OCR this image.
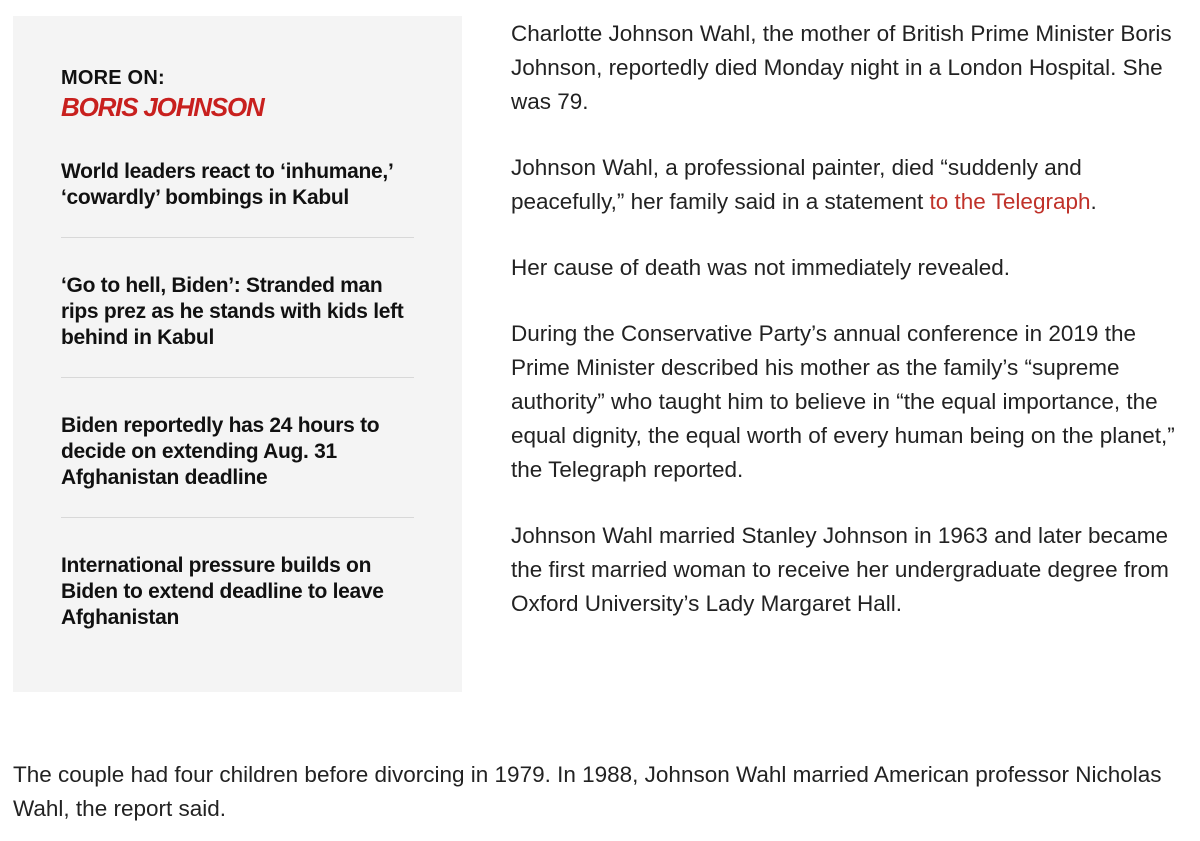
MORE ON:
BORIS JOHNSON
World leaders react to ‘inhumane,’ ‘cowardly’ bombings in Kabul
‘Go to hell, Biden’: Stranded man rips prez as he stands with kids left behind in Kabul
Biden reportedly has 24 hours to decide on extending Aug. 31 Afghanistan deadline
International pressure builds on Biden to extend deadline to leave Afghanistan

Charlotte Johnson Wahl, the mother of British Prime Minister Boris Johnson, reportedly died Monday night in a London Hospital. She was 79.

Johnson Wahl, a professional painter, died “suddenly and peacefully,” her family said in a statement to the Telegraph.

Her cause of death was not immediately revealed.

During the Conservative Party’s annual conference in 2019 the Prime Minister described his mother as the family’s “supreme authority” who taught him to believe in “the equal importance, the equal dignity, the equal worth of every human being on the planet,” the Telegraph reported.

Johnson Wahl married Stanley Johnson in 1963 and later became the first married woman to receive her undergraduate degree from Oxford University’s Lady Margaret Hall.

The couple had four children before divorcing in 1979. In 1988, Johnson Wahl married American professor Nicholas Wahl, the report said.
